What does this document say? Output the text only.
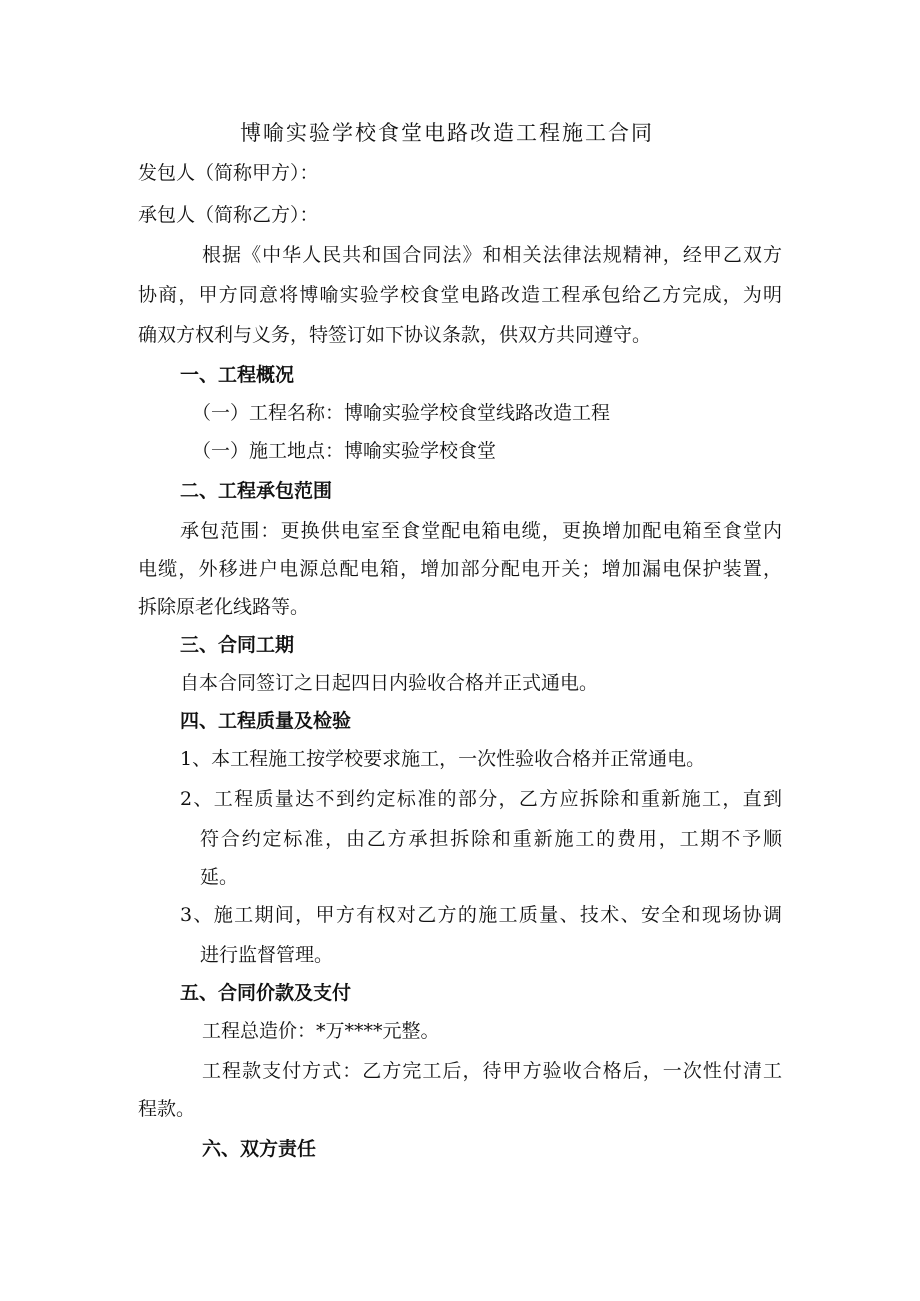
博喻实验学校食堂电路改造工程施工合同
发包人（简称甲方）：
承包人（简称乙方）：
根据《中华人民共和国合同法》和相关法律法规精神，经甲乙双方
协商，甲方同意将博喻实验学校食堂电路改造工程承包给乙方完成，为明
确双方权利与义务，特签订如下协议条款，供双方共同遵守。
一、工程概况
（一）工程名称：博喻实验学校食堂线路改造工程
（一）施工地点：博喻实验学校食堂
二、工程承包范围
承包范围：更换供电室至食堂配电箱电缆，更换增加配电箱至食堂内
电缆，外移进户电源总配电箱，增加部分配电开关；增加漏电保护装置，
拆除原老化线路等。
三、合同工期
自本合同签订之日起四日内验收合格并正式通电。
四、工程质量及检验
1、本工程施工按学校要求施工，一次性验收合格并正常通电。
2、工程质量达不到约定标准的部分，乙方应拆除和重新施工，直到
符合约定标准，由乙方承担拆除和重新施工的费用，工期不予顺
延。
3、施工期间，甲方有权对乙方的施工质量、技术、安全和现场协调
进行监督管理。
五、合同价款及支付
工程总造价：*万****元整。
工程款支付方式：乙方完工后，待甲方验收合格后，一次性付清工
程款。
六、双方责任
